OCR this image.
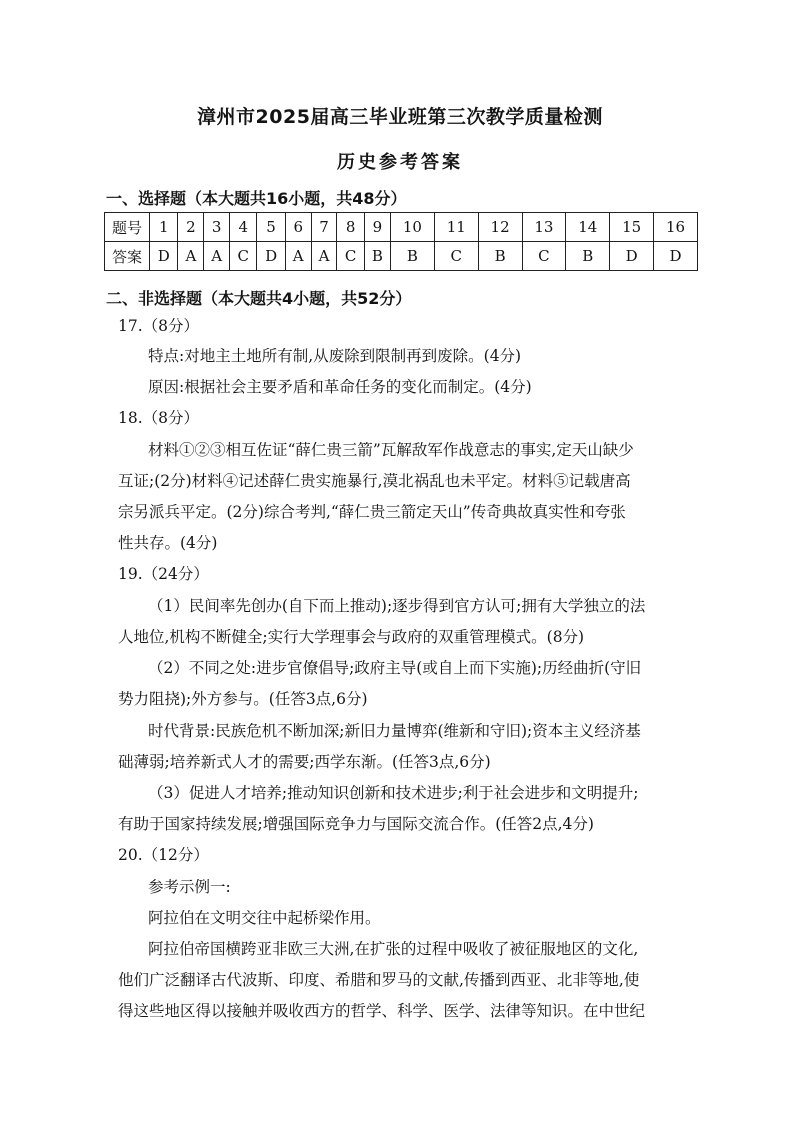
漳州市2025届高三毕业班第三次教学质量检测
历史参考答案
一、选择题（本大题共16小题，共48分）
题号	1	2	3	4	5	6	7	8	9	10	11	12	13	14	15	16
答案	D	A	A	C	D	A	A	C	B	B	C	B	C	B	D	D
二、非选择题（本大题共4小题，共52分）
17.（8分）
特点:对地主土地所有制,从废除到限制再到废除。(4分)
原因:根据社会主要矛盾和革命任务的变化而制定。(4分)
18.（8分）
材料①②③相互佐证“薛仁贵三箭”瓦解敌军作战意志的事实,定天山缺少
互证;(2分)材料④记述薛仁贵实施暴行,漠北祸乱也未平定。材料⑤记载唐高
宗另派兵平定。(2分)综合考判,“薛仁贵三箭定天山”传奇典故真实性和夸张
性共存。(4分)
19.（24分）
（1）民间率先创办(自下而上推动);逐步得到官方认可;拥有大学独立的法
人地位,机构不断健全;实行大学理事会与政府的双重管理模式。(8分)
（2）不同之处:进步官僚倡导;政府主导(或自上而下实施);历经曲折(守旧
势力阻挠);外方参与。(任答3点,6分)
时代背景:民族危机不断加深;新旧力量博弈(维新和守旧);资本主义经济基
础薄弱;培养新式人才的需要;西学东渐。(任答3点,6分)
（3）促进人才培养;推动知识创新和技术进步;利于社会进步和文明提升;
有助于国家持续发展;增强国际竞争力与国际交流合作。(任答2点,4分)
20.（12分）
参考示例一:
阿拉伯在文明交往中起桥梁作用。
阿拉伯帝国横跨亚非欧三大洲,在扩张的过程中吸收了被征服地区的文化,
他们广泛翻译古代波斯、印度、希腊和罗马的文献,传播到西亚、北非等地,使
得这些地区得以接触并吸收西方的哲学、科学、医学、法律等知识。在中世纪
